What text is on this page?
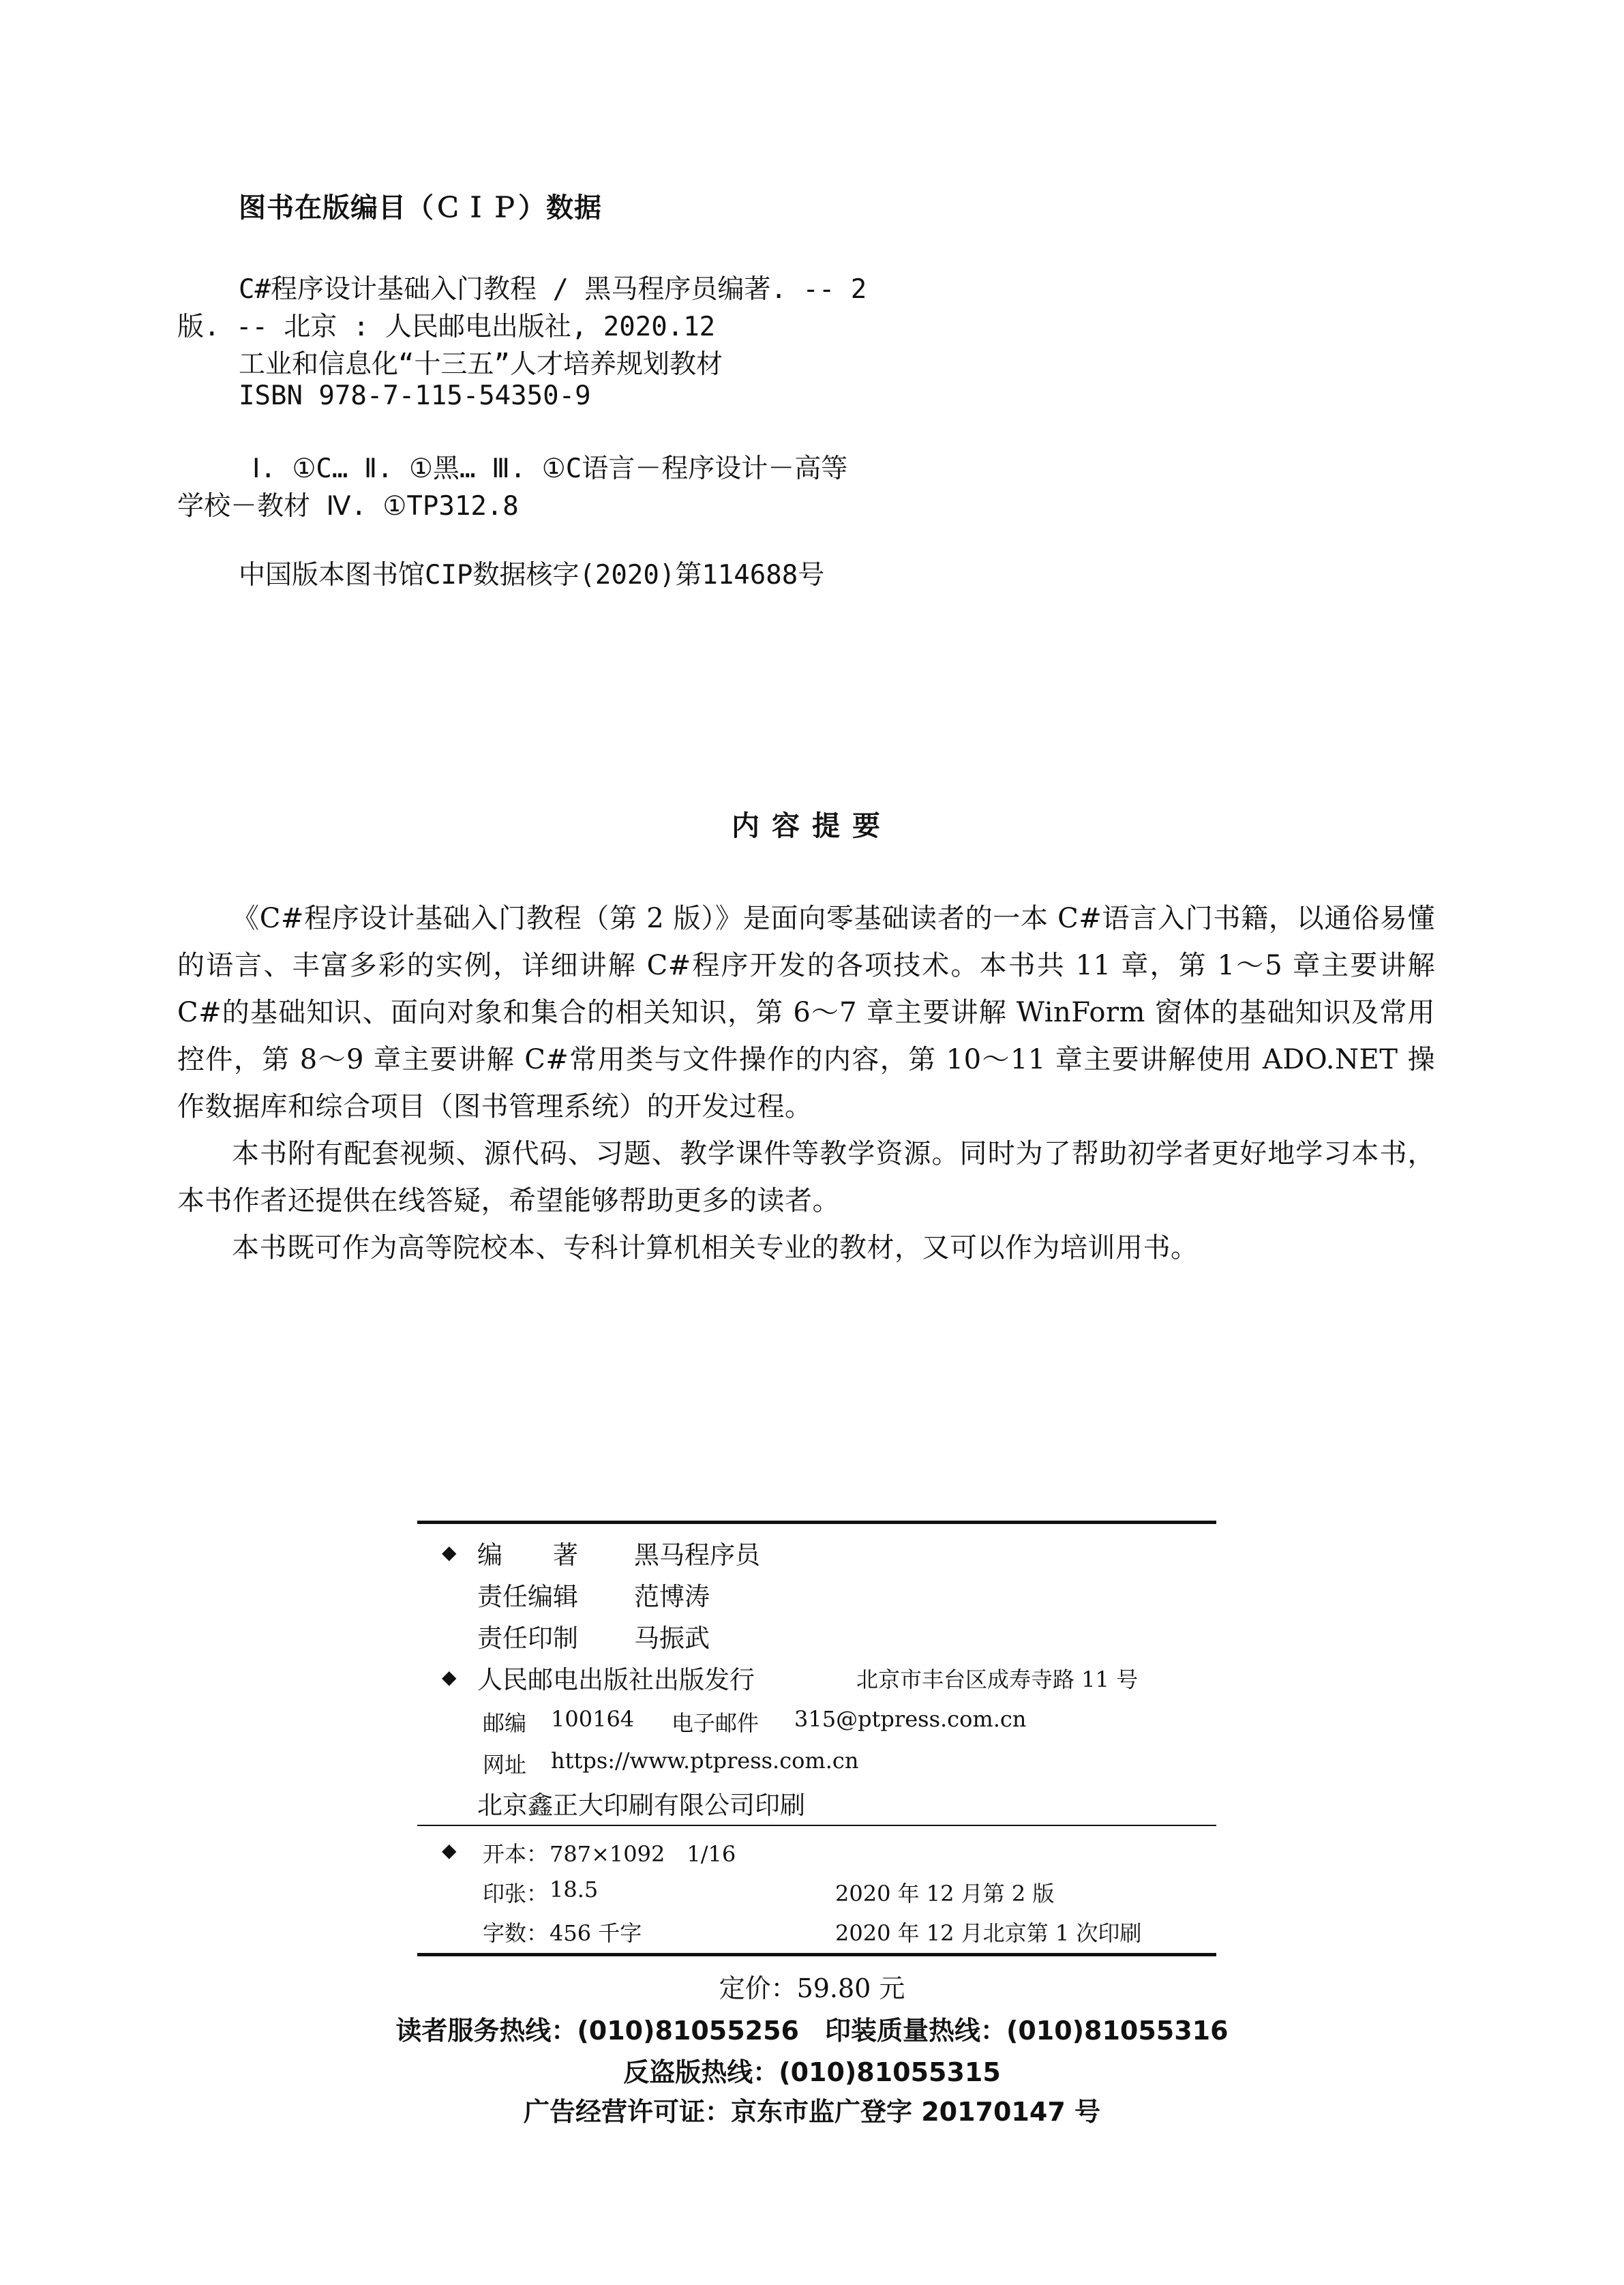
图书在版编目（ＣＩＰ）数据
C#程序设计基础入门教程 / 黑马程序员编著. -- 2
版. -- 北京 : 人民邮电出版社, 2020.12
工业和信息化“十三五”人才培养规划教材
ISBN 978-7-115-54350-9
Ⅰ. ①C… Ⅱ. ①黑… Ⅲ. ①C语言－程序设计－高等
学校－教材 Ⅳ. ①TP312.8
中国版本图书馆CIP数据核字(2020)第114688号
内容提要
《C#程序设计基础入门教程（第 2 版）》是面向零基础读者的一本 C#语言入门书籍，以通俗易懂的语言、丰富多彩的实例，详细讲解 C#程序开发的各项技术。本书共 11 章，第 1～5 章主要讲解 C#的基础知识、面向对象和集合的相关知识，第 6～7 章主要讲解 WinForm 窗体的基础知识及常用控件，第 8～9 章主要讲解 C#常用类与文件操作的内容，第 10～11 章主要讲解使用 ADO.NET 操作数据库和综合项目（图书管理系统）的开发过程。
本书附有配套视频、源代码、习题、教学课件等教学资源。同时为了帮助初学者更好地学习本书，本书作者还提供在线答疑，希望能够帮助更多的读者。
本书既可作为高等院校本、专科计算机相关专业的教材，又可以作为培训用书。
◆ 编　　著 黑马程序员
责任编辑 范博涛
责任印制 马振武
◆ 人民邮电出版社出版发行	北京市丰台区成寿寺路 11 号
邮编 100164 电子邮件 315@ptpress.com.cn
网址 https://www.ptpress.com.cn
北京鑫正大印刷有限公司印刷
◆ 开本： 787×1092　1/16
印张： 18.5	2020 年 12 月第 2 版
字数： 456 千字	2020 年 12 月北京第 1 次印刷
定价：59.80 元
读者服务热线：(010)81055256　印装质量热线：(010)81055316
反盗版热线：(010)81055315
广告经营许可证：京东市监广登字 20170147 号
